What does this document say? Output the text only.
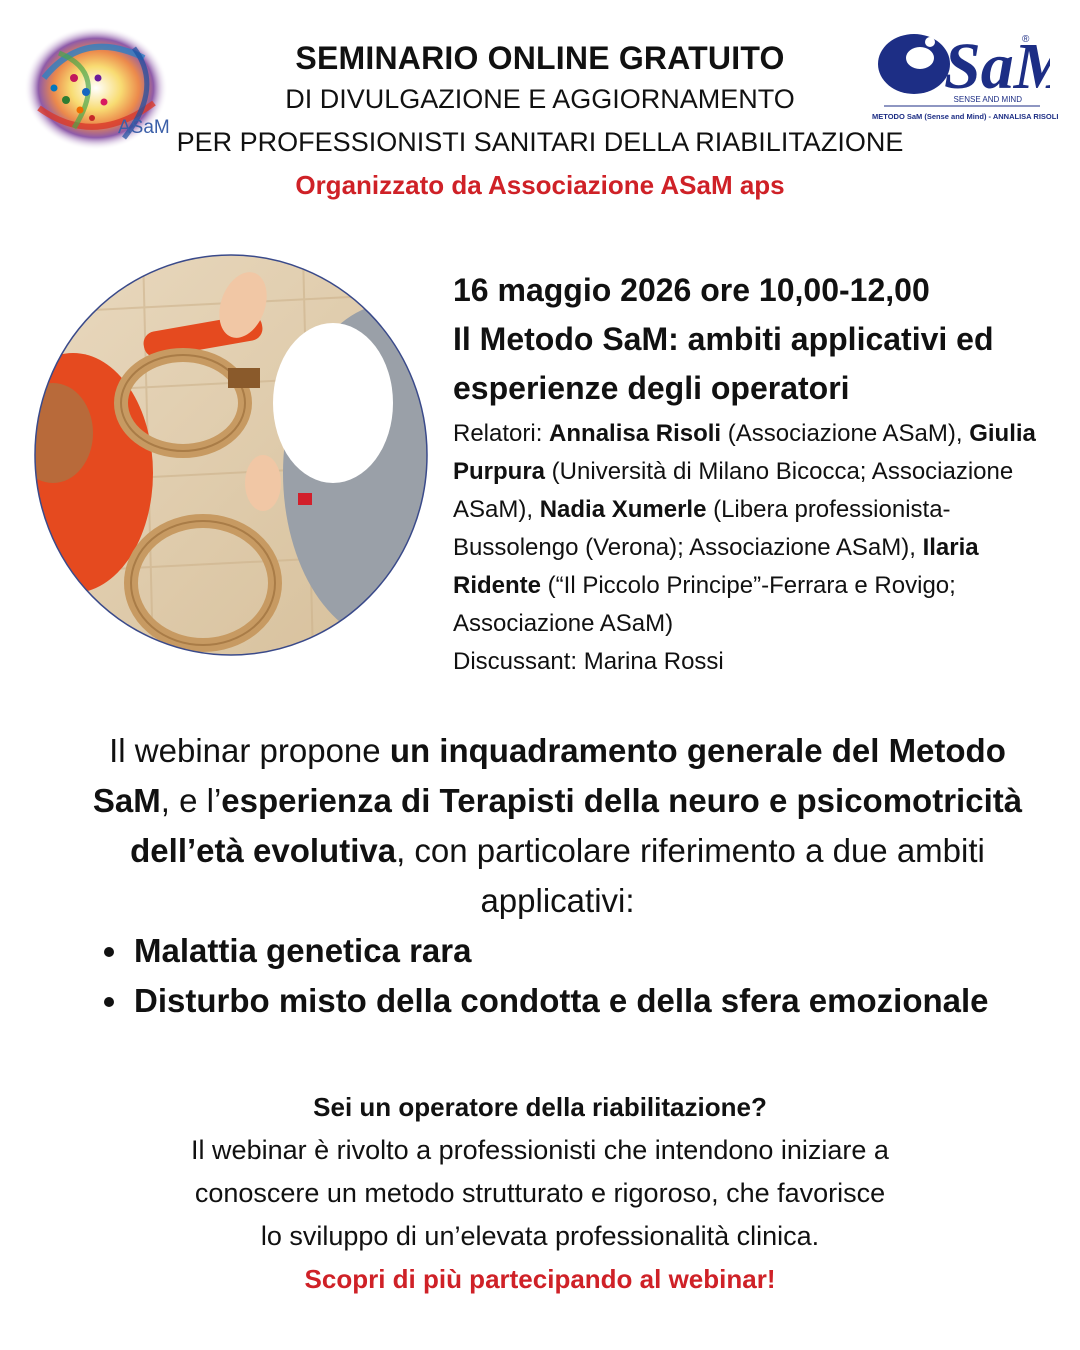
ASaM
Sa ®
SENSE AND MIND
METODO SaM (Sense and Mind) - ANNALISA RISOLI

SEMINARIO ONLINE GRATUITO

DI DIVULGAZIONE E AGGIORNAMENTO

PER PROFESSIONISTI SANITARI DELLA RIABILITAZIONE

Organizzato da Associazione ASaM aps

16 maggio 2026 ore 10,00-12,00

Il Metodo SaM: ambiti applicativi ed

esperienze degli operatori

Relatori: Annalisa Risoli (Associazione ASaM), Giulia Purpura (Università di Milano Bicocca; Associazione ASaM), Nadia Xumerle (Libera professionista-Bussolengo (Verona); Associazione ASaM), Ilaria Ridente (“Il Piccolo Principe”-Ferrara e Rovigo; Associazione ASaM)

Discussant: Marina Rossi

Il webinar propone un inquadramento generale del Metodo SaM, e l’esperienza di Terapisti della neuro e psicomotricità dell’età evolutiva, con particolare riferimento a due ambiti applicativi:
Malattia genetica rara
Disturbo misto della condotta e della sfera emozionale

Sei un operatore della riabilitazione?

Il webinar è rivolto a professionisti che intendono iniziare a

conoscere un metodo strutturato e rigoroso, che favorisce

lo sviluppo di un’elevata professionalità clinica.

Scopri di più partecipando al webinar!
